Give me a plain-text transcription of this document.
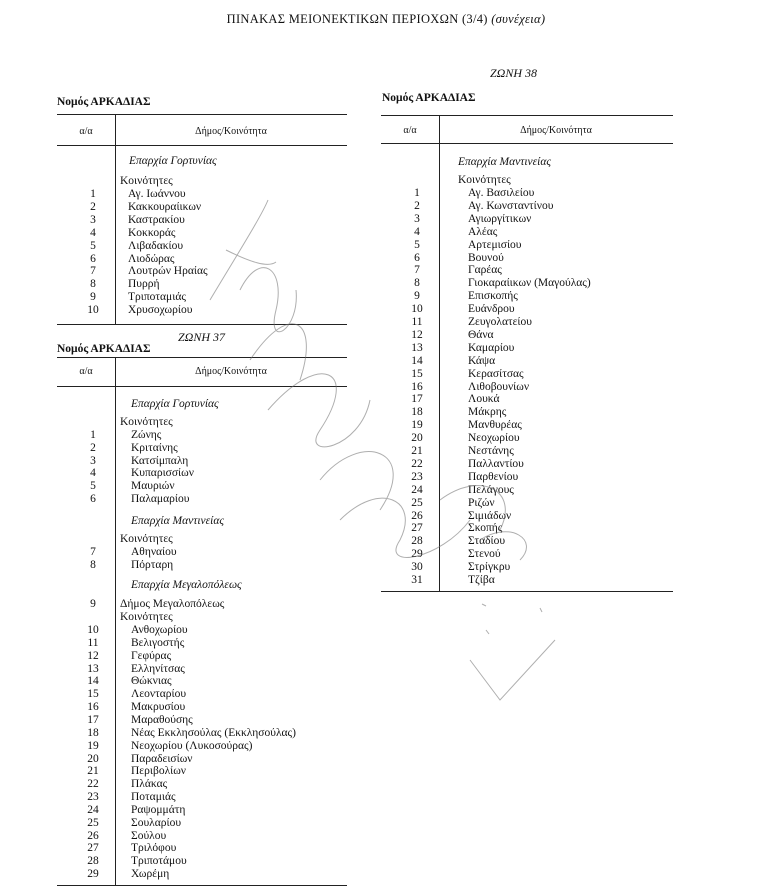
ΠΙΝΑΚΑΣ ΜΕΙΟΝΕΚΤΙΚΩΝ ΠΕΡΙΟΧΩΝ (3/4) (συνέχεια)
ΖΩΝΗ 38
Νομός ΑΡΚΑΔΙΑΣ
α/α	Δήμος/Κοινότητα
Επαρχία Γορτυνίας
Κοινότητες
1	Αγ. Ιωάννου
2	Κακκουραίικων
3	Καστρακίου
4	Κοκκοράς
5	Λιβαδακίου
6	Λιοδώρας
7	Λουτρών Ηραίας
8	Πυρρή
9	Τριποταμιάς
10	Χρυσοχωρίου
ΖΩΝΗ 37
Νομός ΑΡΚΑΔΙΑΣ
α/α	Δήμος/Κοινότητα
Επαρχία Γορτυνίας
Κοινότητες
1	Ζώνης
2	Κριταίνης
3	Κατσίμπαλη
4	Κυπαρισσίων
5	Μαυριών
6	Παλαμαρίου
Επαρχία Μαντινείας
Κοινότητες
7	Αθηναίου
8	Πόρταρη
Επαρχία Μεγαλοπόλεως
9	Δήμος Μεγαλοπόλεως
Κοινότητες
10	Ανθοχωρίου
11	Βελιγοστής
12	Γεφύρας
13	Ελληνίτσας
14	Θώκνιας
15	Λεονταρίου
16	Μακρυσίου
17	Μαραθούσης
18	Νέας Εκκλησούλας (Εκκλησούλας)
19	Νεοχωρίου (Λυκοσούρας)
20	Παραδεισίων
21	Περιβολίων
22	Πλάκας
23	Ποταμιάς
24	Ραψομμάτη
25	Σουλαρίου
26	Σούλου
27	Τριλόφου
28	Τριποτάμου
29	Χωρέμη
Νομός ΑΡΚΑΔΙΑΣ
α/α	Δήμος/Κοινότητα
Επαρχία Μαντινείας
Κοινότητες
1	Αγ. Βασιλείου
2	Αγ. Κωνσταντίνου
3	Αγιωργίτικων
4	Αλέας
5	Αρτεμισίου
6	Βουνού
7	Γαρέας
8	Γιοκαραίικων (Μαγούλας)
9	Επισκοπής
10	Ευάνδρου
11	Ζευγολατείου
12	Θάνα
13	Καμαρίου
14	Κάψα
15	Κερασίτσας
16	Λιθοβουνίων
17	Λουκά
18	Μάκρης
19	Μανθυρέας
20	Νεοχωρίου
21	Νεστάνης
22	Παλλαντίου
23	Παρθενίου
24	Πελάγους
25	Ριζών
26	Σιμιάδων
27	Σκοπής
28	Σταδίου
29	Στενού
30	Στρίγκρυ
31	Τζίβα
